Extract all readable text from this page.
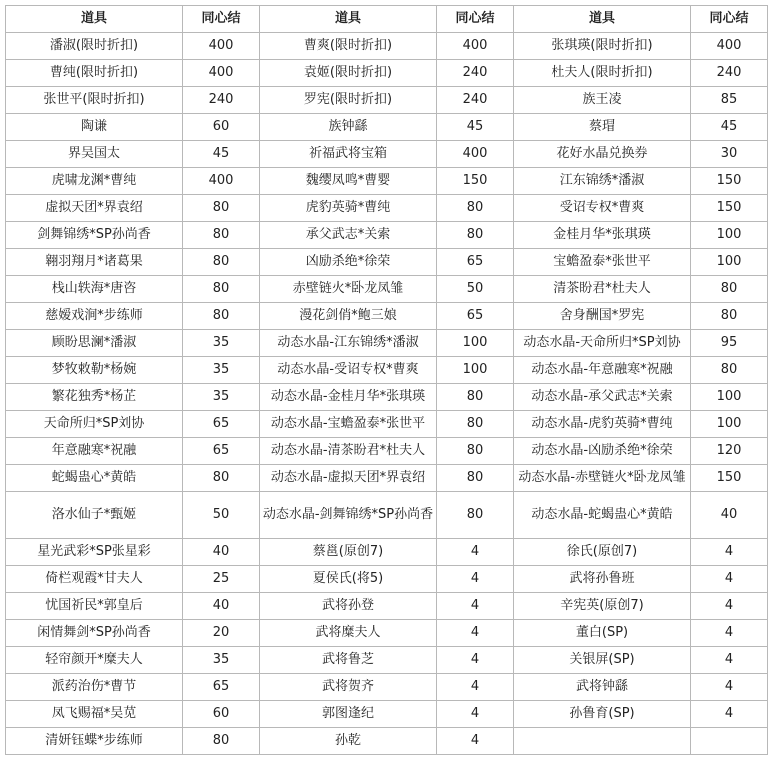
道具	同心结	道具	同心结	道具	同心结
潘淑(限时折扣)	400	曹爽(限时折扣)	400	张琪瑛(限时折扣)	400
曹纯(限时折扣)	400	袁姬(限时折扣)	240	杜夫人(限时折扣)	240
张世平(限时折扣)	240	罗宪(限时折扣)	240	族王凌	85
陶谦	60	族钟繇	45	蔡瑁	45
界吴国太	45	祈福武将宝箱	400	花好水晶兑换券	30
虎啸龙渊*曹纯	400	魏缨凤鸣*曹婴	150	江东锦绣*潘淑	150
虚拟天团*界袁绍	80	虎豹英骑*曹纯	80	受诏专权*曹爽	150
剑舞锦绣*SP孙尚香	80	承父武志*关索	80	金桂月华*张琪瑛	100
翱羽翔月*诸葛果	80	凶励杀绝*徐荣	65	宝蟾盈泰*张世平	100
栈山轶海*唐咨	80	赤壁链火*卧龙凤雏	50	清茶盼君*杜夫人	80
慈嫒戏涧*步练师	80	漫花剑俏*鲍三娘	65	舍身酬国*罗宪	80
顾盼思澜*潘淑	35	动态水晶-江东锦绣*潘淑	100	动态水晶-天命所归*SP刘协	95
梦牧敕勒*杨婉	35	动态水晶-受诏专权*曹爽	100	动态水晶-年意融寒*祝融	80
繁花独秀*杨芷	35	动态水晶-金桂月华*张琪瑛	80	动态水晶-承父武志*关索	100
天命所归*SP刘协	65	动态水晶-宝蟾盈泰*张世平	80	动态水晶-虎豹英骑*曹纯	100
年意融寒*祝融	65	动态水晶-清茶盼君*杜夫人	80	动态水晶-凶励杀绝*徐荣	120
蛇蝎蛊心*黄皓	80	动态水晶-虚拟天团*界袁绍	80	动态水晶-赤壁链火*卧龙凤雏	150
洛水仙子*甄姬	50	动态水晶-剑舞锦绣*SP孙尚香	80	动态水晶-蛇蝎蛊心*黄皓	40
星光武彩*SP张星彩	40	蔡邕(原创7)	4	徐氏(原创7)	4
倚栏观霞*甘夫人	25	夏侯氏(将5)	4	武将孙鲁班	4
忧国祈民*郭皇后	40	武将孙登	4	辛宪英(原创7)	4
闲情舞剑*SP孙尚香	20	武将糜夫人	4	董白(SP)	4
轻帘颜开*糜夫人	35	武将鲁芝	4	关银屏(SP)	4
派药治伤*曹节	65	武将贺齐	4	武将钟繇	4
凤飞赐福*吴苋	60	郭图逢纪	4	孙鲁育(SP)	4
清妍钰蝶*步练师	80	孙乾	4		
